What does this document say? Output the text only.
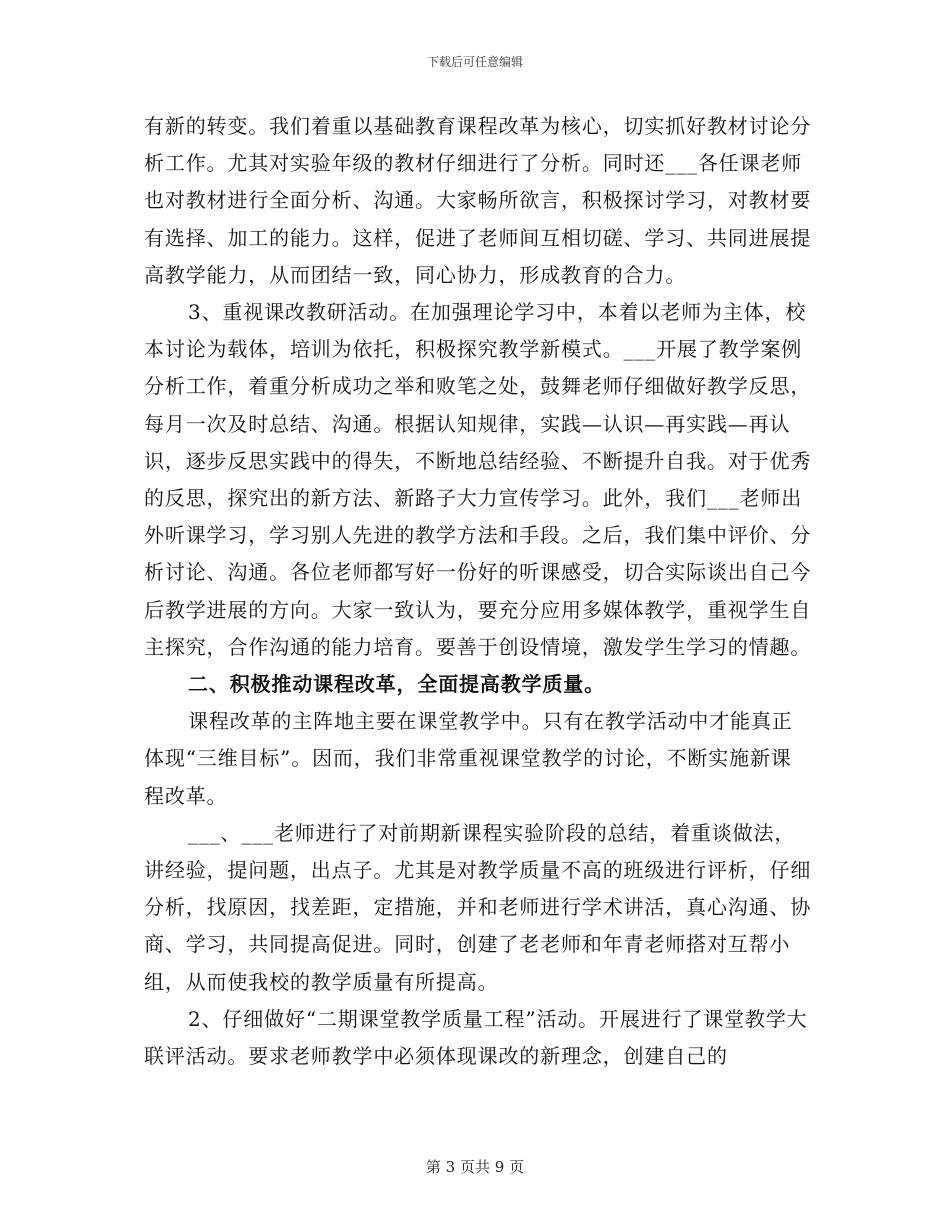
下载后可任意编辑

有新的转变。我们着重以基础教育课程改革为核心，切实抓好教材讨论分析工作。尤其对实验年级的教材仔细进行了分析。同时还___各任课老师也对教材进行全面分析、沟通。大家畅所欲言，积极探讨学习，对教材要有选择、加工的能力。这样，促进了老师间互相切磋、学习、共同进展提高教学能力，从而团结一致，同心协力，形成教育的合力。

3、重视课改教研活动。在加强理论学习中，本着以老师为主体，校本讨论为载体，培训为依托，积极探究教学新模式。___开展了教学案例分析工作，着重分析成功之举和败笔之处，鼓舞老师仔细做好教学反思，每月一次及时总结、沟通。根据认知规律，实践—认识—再实践—再认识，逐步反思实践中的得失，不断地总结经验、不断提升自我。对于优秀的反思，探究出的新方法、新路子大力宣传学习。此外，我们___老师出外听课学习，学习别人先进的教学方法和手段。之后，我们集中评价、分析讨论、沟通。各位老师都写好一份好的听课感受，切合实际谈出自己今后教学进展的方向。大家一致认为，要充分应用多媒体教学，重视学生自主探究，合作沟通的能力培育。要善于创设情境，激发学生学习的情趣。

二、积极推动课程改革，全面提高教学质量。

课程改革的主阵地主要在课堂教学中。只有在教学活动中才能真正体现“三维目标”。因而，我们非常重视课堂教学的讨论，不断实施新课程改革。

___、___老师进行了对前期新课程实验阶段的总结，着重谈做法，讲经验，提问题，出点子。尤其是对教学质量不高的班级进行评析，仔细分析，找原因，找差距，定措施，并和老师进行学术讲活，真心沟通、协商、学习，共同提高促进。同时，创建了老老师和年青老师搭对互帮小组，从而使我校的教学质量有所提高。

2、仔细做好“二期课堂教学质量工程”活动。开展进行了课堂教学大联评活动。要求老师教学中必须体现课改的新理念，创建自己的

第 3 页共 9 页
